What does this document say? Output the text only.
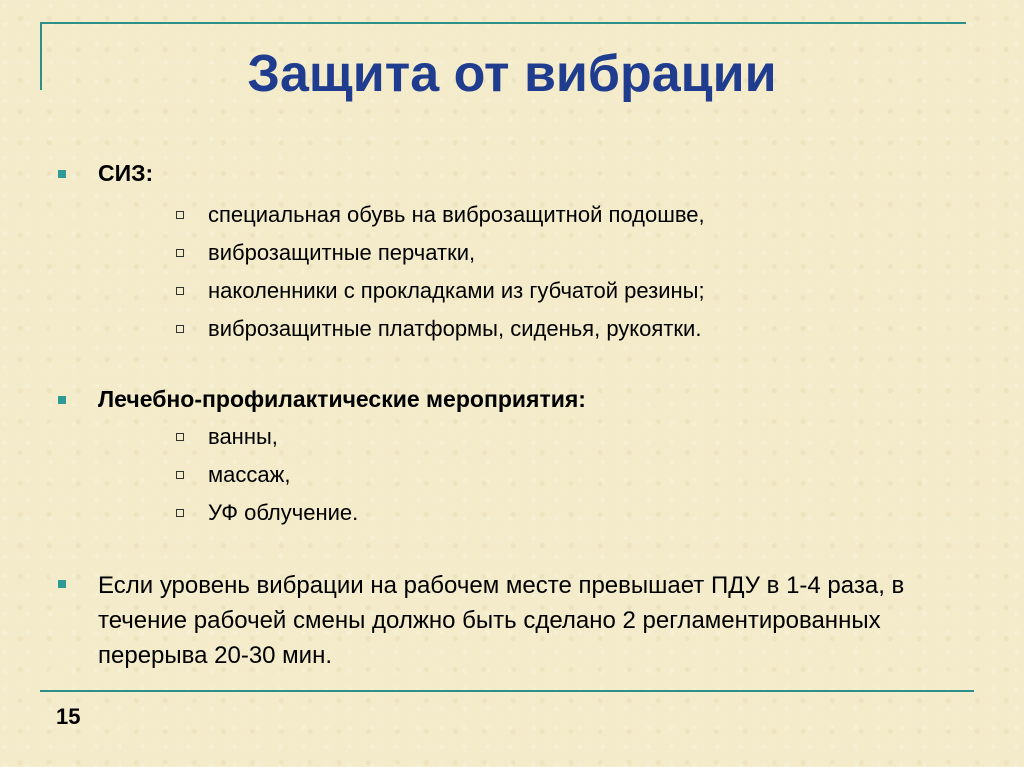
Защита от вибрации
СИЗ:
специальная обувь на виброзащитной подошве,
виброзащитные перчатки,
наколенники с прокладками из губчатой резины;
виброзащитные платформы, сиденья, рукоятки.
Лечебно-профилактические мероприятия:
ванны,
массаж,
УФ облучение.
Если уровень вибрации на рабочем месте превышает ПДУ в 1-4 раза, в течение рабочей смены должно быть сделано 2 регламентированных перерыва 20-30 мин.
15
